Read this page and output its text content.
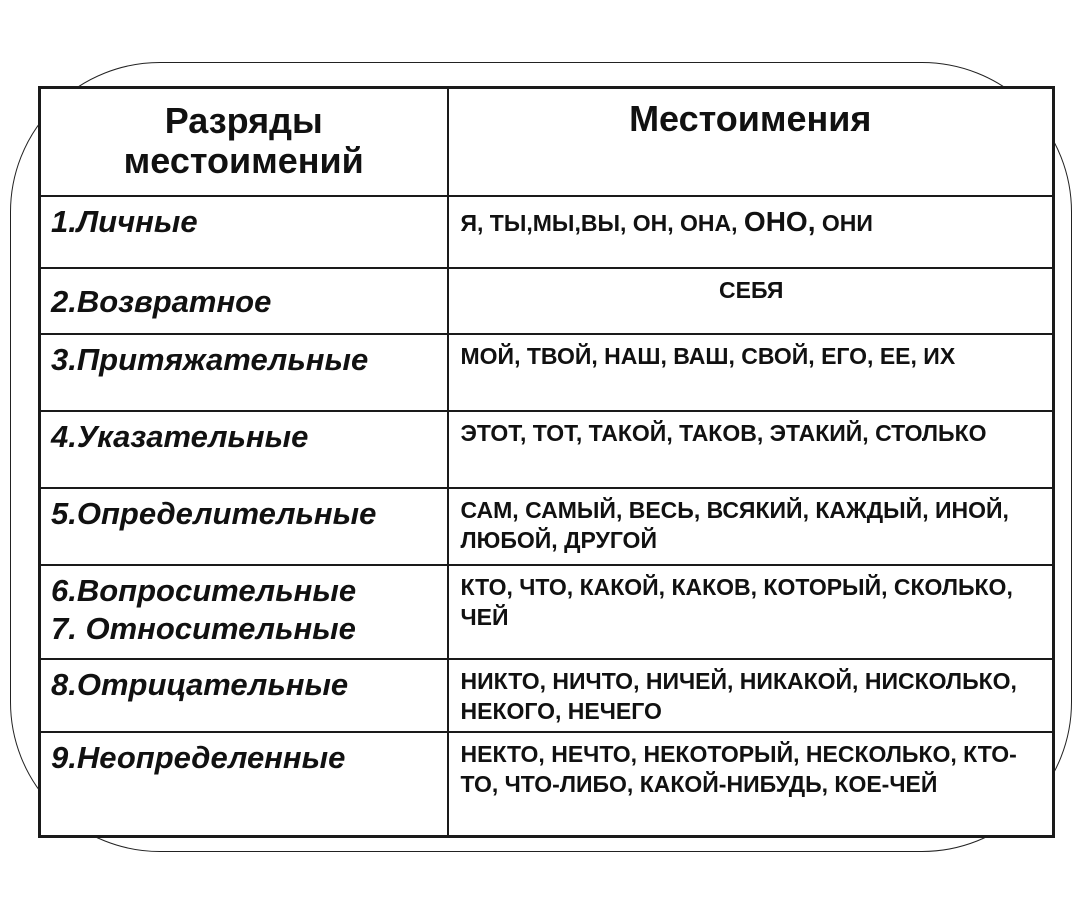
Разряды
местоимений	Местоимения
1.Личные	Я, ТЫ,МЫ,ВЫ, ОН, ОНА, ОНО, ОНИ
2.Возвратное	СЕБЯ
3.Притяжательные	МОЙ, ТВОЙ, НАШ, ВАШ, СВОЙ, ЕГО, ЕЕ, ИХ
4.Указательные	ЭТОТ, ТОТ, ТАКОЙ, ТАКОВ, ЭТАКИЙ, СТОЛЬКО
5.Определительные	САМ, САМЫЙ, ВЕСЬ, ВСЯКИЙ, КАЖДЫЙ, ИНОЙ, ЛЮБОЙ, ДРУГОЙ

6.Вопросительные
7. Относительные	КТО, ЧТО, КАКОЙ, КАКОВ, КОТОРЫЙ, СКОЛЬКО, ЧЕЙ
8.Отрицательные	НИКТО, НИЧТО, НИЧЕЙ, НИКАКОЙ, НИСКОЛЬКО, НЕКОГО, НЕЧЕГО
9.Неопределенные	НЕКТО, НЕЧТО, НЕКОТОРЫЙ, НЕСКОЛЬКО, КТО-ТО, ЧТО-ЛИБО, КАКОЙ-НИБУДЬ, КОЕ-ЧЕЙ
